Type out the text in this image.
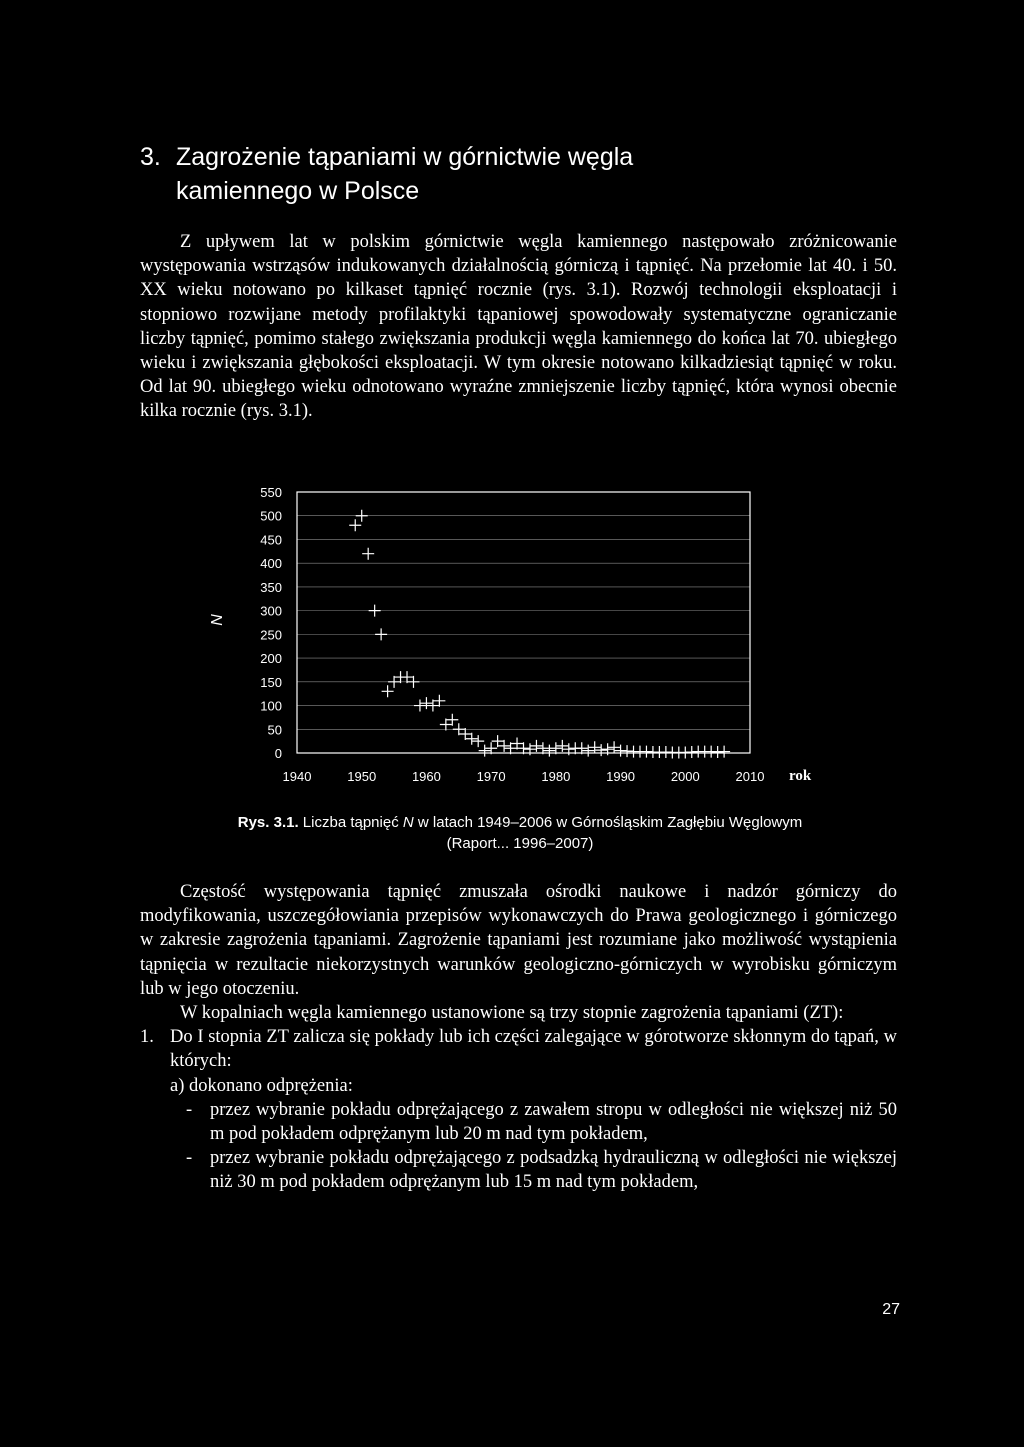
3. Zagrożenie tąpaniami w górnictwie węgla
kamiennego w Polsce

Z upływem lat w polskim górnictwie węgla kamiennego następowało zróżnicowanie występowania wstrząsów indukowanych działalnością górniczą i tąpnięć. Na przełomie lat 40. i 50. XX wieku notowano po kilkaset tąpnięć rocznie (rys. 3.1). Rozwój technologii eksploatacji i stopniowo rozwijane metody profilaktyki tąpaniowej spowodowały systematyczne ograniczanie liczby tąpnięć, pomimo stałego zwiększania produkcji węgla kamiennego do końca lat 70. ubiegłego wieku i zwiększania głębokości eksploatacji. W tym okresie notowano kilkadziesiąt tąpnięć w roku. Od lat 90. ubiegłego wieku odnotowano wyraźne zmniejszenie liczby tąpnięć, która wynosi obecnie kilka rocznie (rys. 3.1).

550
500
450
400
350
300
250
200
150
100
50
0
1940	1950	1960	1970	1980	1990	2000	2010
N
rok
Rys. 3.1. Liczba tąpnięć N w latach 1949–2006 w Górnośląskim Zagłębiu Węglowym
(Raport... 1996–2007)

Częstość występowania tąpnięć zmuszała ośrodki naukowe i nadzór górniczy do modyfikowania, uszczegółowiania przepisów wykonawczych do Prawa geologicznego i górniczego w zakresie zagrożenia tąpaniami. Zagrożenie tąpaniami jest rozumiane jako możliwość wystąpienia tąpnięcia w rezultacie niekorzystnych warunków geologiczno-górniczych w wyrobisku górniczym lub w jego otoczeniu.

W kopalniach węgla kamiennego ustanowione są trzy stopnie zagrożenia tąpaniami (ZT):

1. Do I stopnia ZT zalicza się pokłady lub ich części zalegające w górotworze skłonnym do tąpań, w których:
a) dokonano odprężenia:
- przez wybranie pokładu odprężającego z zawałem stropu w odległości nie większej niż 50 m pod pokładem odprężanym lub 20 m nad tym pokładem,
- przez wybranie pokładu odprężającego z podsadzką hydrauliczną w odległości nie większej niż 30 m pod pokładem odprężanym lub 15 m nad tym pokładem,
27
